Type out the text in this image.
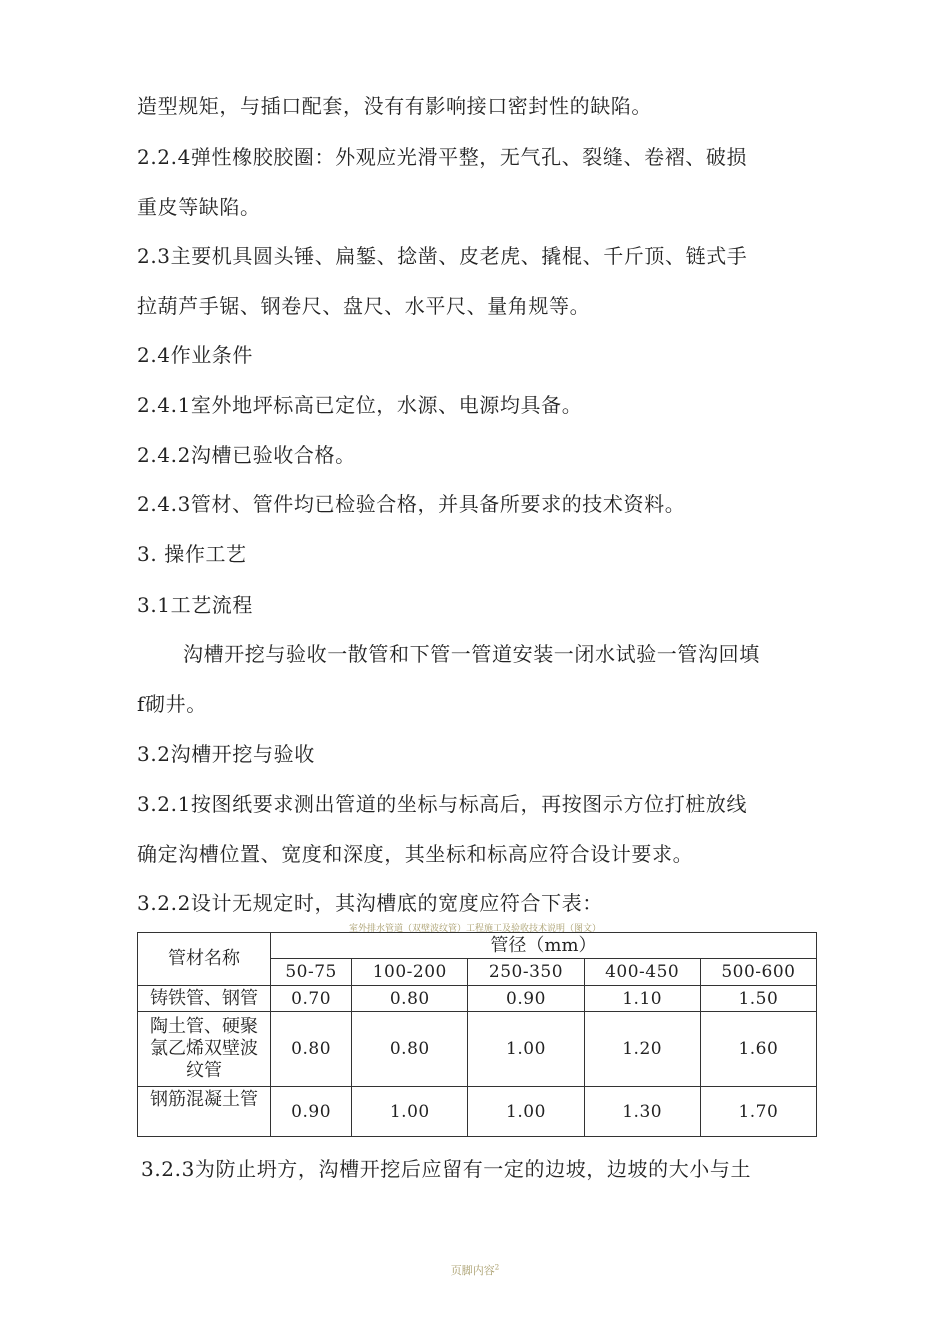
造型规矩，与插口配套，没有有影响接口密封性的缺陷。
2.2.4弹性橡胶胶圈：外观应光滑平整，无气孔、裂缝、卷褶、破损
重皮等缺陷。
2.3主要机具圆头锤、扁錾、捻凿、皮老虎、撬棍、千斤顶、链式手
拉葫芦手锯、钢卷尺、盘尺、水平尺、量角规等。
2.4作业条件
2.4.1室外地坪标高已定位，水源、电源均具备。
2.4.2沟槽已验收合格。
2.4.3管材、管件均已检验合格，并具备所要求的技术资料。
3. 操作工艺
3.1工艺流程
沟槽开挖与验收一散管和下管一管道安装一闭水试验一管沟回填
f砌井。
3.2沟槽开挖与验收
3.2.1按图纸要求测出管道的坐标与标高后，再按图示方位打桩放线
确定沟槽位置、宽度和深度，其坐标和标高应符合设计要求。
3.2.2设计无规定时，其沟槽底的宽度应符合下表：
室外排水管道（双壁波纹管）工程施工及验收技术说明（图文）
管材名称	管径（mm）				
	50-75	100-200	250-350	400-450	500-600
铸铁管、钢管	0.70	0.80	0.90	1.10	1.50

陶土管、硬聚
氯乙烯双壁波
纹管	0.80	0.80	1.00	1.20	1.60
钢筋混凝土管	0.90	1.00	1.00	1.30	1.70
3.2.3为防止坍方，沟槽开挖后应留有一定的边坡，边坡的大小与土
页脚内容$^2$
